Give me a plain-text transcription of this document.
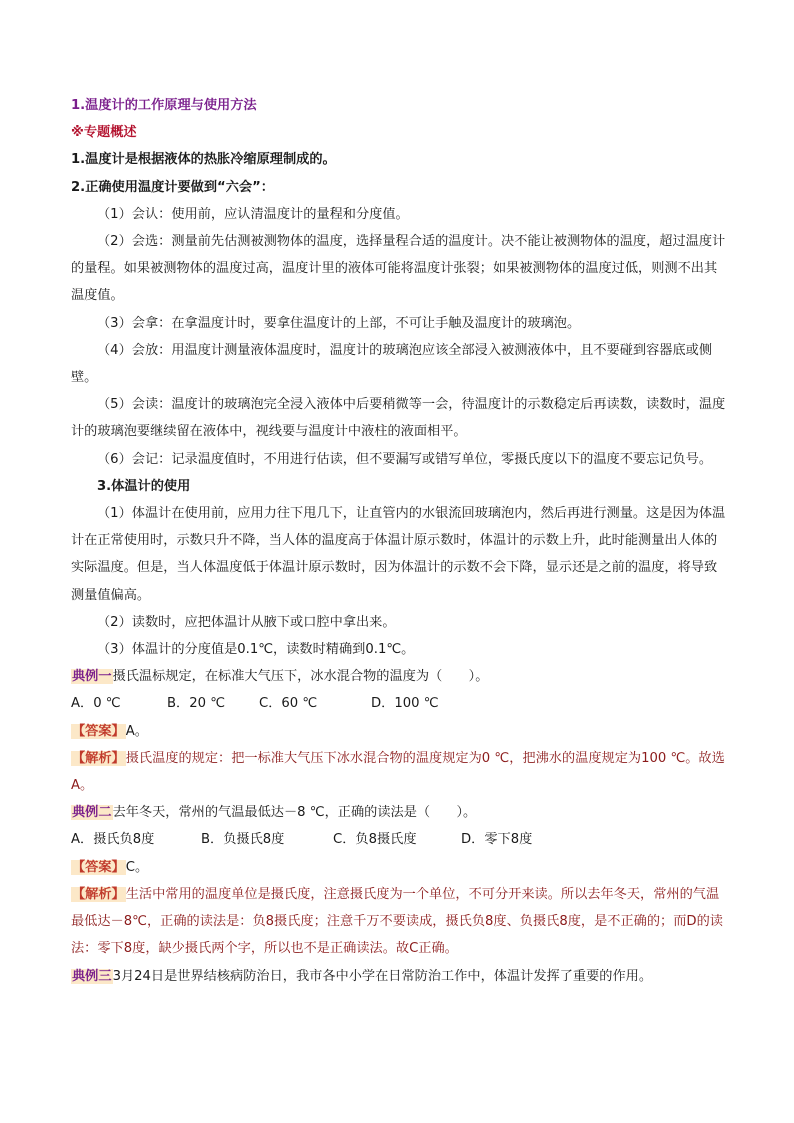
1.温度计的工作原理与使用方法

※专题概述

1.温度计是根据液体的热胀冷缩原理制成的。

2.正确使用温度计要做到“六会”：

（1）会认：使用前，应认清温度计的量程和分度值。

（2）会选：测量前先估测被测物体的温度，选择量程合适的温度计。决不能让被测物体的温度，超过温度计的量程。如果被测物体的温度过高，温度计里的液体可能将温度计张裂；如果被测物体的温度过低，则测不出其温度值。

（3）会拿：在拿温度计时，要拿住温度计的上部，不可让手触及温度计的玻璃泡。

（4）会放：用温度计测量液体温度时，温度计的玻璃泡应该全部浸入被测液体中，且不要碰到容器底或侧壁。

（5）会读：温度计的玻璃泡完全浸入液体中后要稍微等一会，待温度计的示数稳定后再读数，读数时，温度计的玻璃泡要继续留在液体中，视线要与温度计中液柱的液面相平。

（6）会记：记录温度值时，不用进行估读，但不要漏写或错写单位，零摄氏度以下的温度不要忘记负号。

3.体温计的使用

（1）体温计在使用前，应用力往下甩几下，让直管内的水银流回玻璃泡内，然后再进行测量。这是因为体温计在正常使用时，示数只升不降，当人体的温度高于体温计原示数时，体温计的示数上升，此时能测量出人体的实际温度。但是，当人体温度低于体温计原示数时，因为体温计的示数不会下降，显示还是之前的温度，将导致测量值偏高。

（2）读数时，应把体温计从腋下或口腔中拿出来。

（3）体温计的分度值是0.1℃，读数时精确到0.1℃。

典例一摄氏温标规定，在标准大气压下，冰水混合物的温度为（　　）。

A．0 ℃	B．20 ℃	C．60 ℃	D．100 ℃

【答案】A。

【解析】摄氏温度的规定：把一标准大气压下冰水混合物的温度规定为0 ℃，把沸水的温度规定为100 ℃。故选A。

典例二去年冬天，常州的气温最低达－8 ℃，正确的读法是（　　）。

A．摄氏负8度	B．负摄氏8度	C．负8摄氏度	D．零下8度

【答案】C。

【解析】生活中常用的温度单位是摄氏度，注意摄氏度为一个单位，不可分开来读。所以去年冬天，常州的气温最低达－8℃，正确的读法是：负8摄氏度；注意千万不要读成，摄氏负8度、负摄氏8度，是不正确的；而D的读法：零下8度，缺少摄氏两个字，所以也不是正确读法。故C正确。

典例三3月24日是世界结核病防治日，我市各中小学在日常防治工作中，体温计发挥了重要的作用。
